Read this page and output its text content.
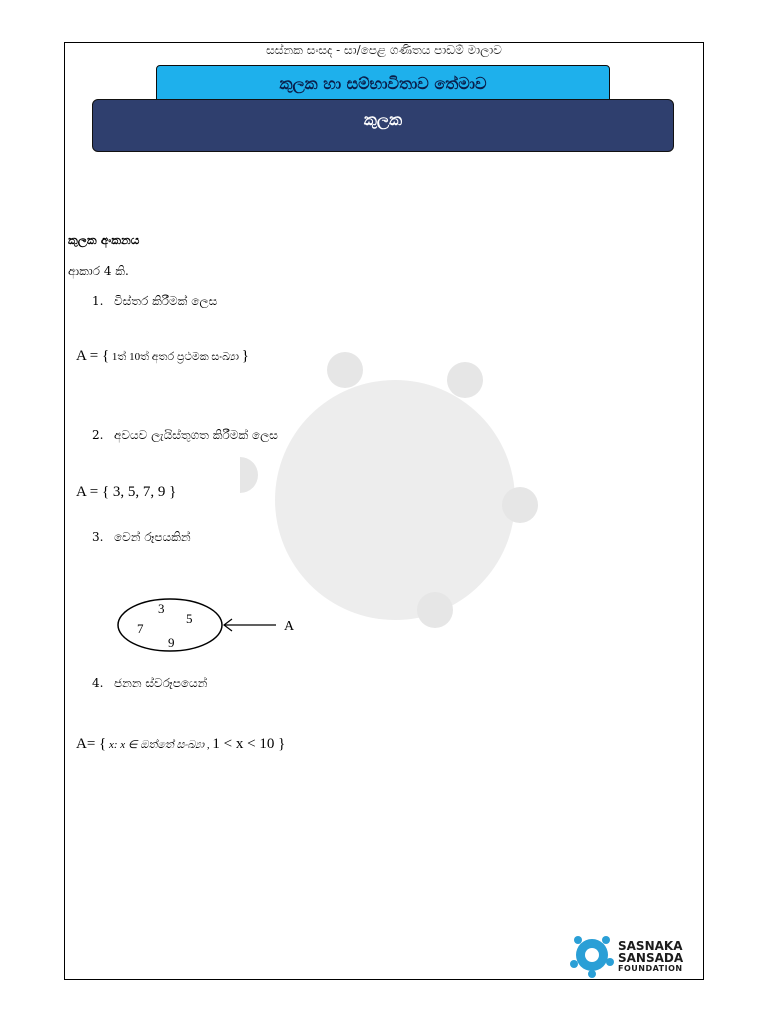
සස්නක සංසද - සා/පෙළ ගණිතය පාඩම් මාලාව
කුලක හා සම්භාවිතාව තේමාව
කුලක
කුලක අංකනය
ආකාර 4 කි.
1. විස්තර කිරීමක් ලෙස
A = { 1ත් 10ත් අතර ප්‍රථමක සංඛ්‍යා }
2. අවයව ලැයිස්තුගත කිරීමක් ලෙස
A = { 3, 5, 7, 9 }
3. වෙන් රූපයකින්
3
7
5
9
A
4. ජනන ස්වරූපයෙන්
A= { x: x ∈ ඔත්තේ සංඛ්‍යා , 1 < x < 10 }
SASNAKA
SANSADA
FOUNDATION
